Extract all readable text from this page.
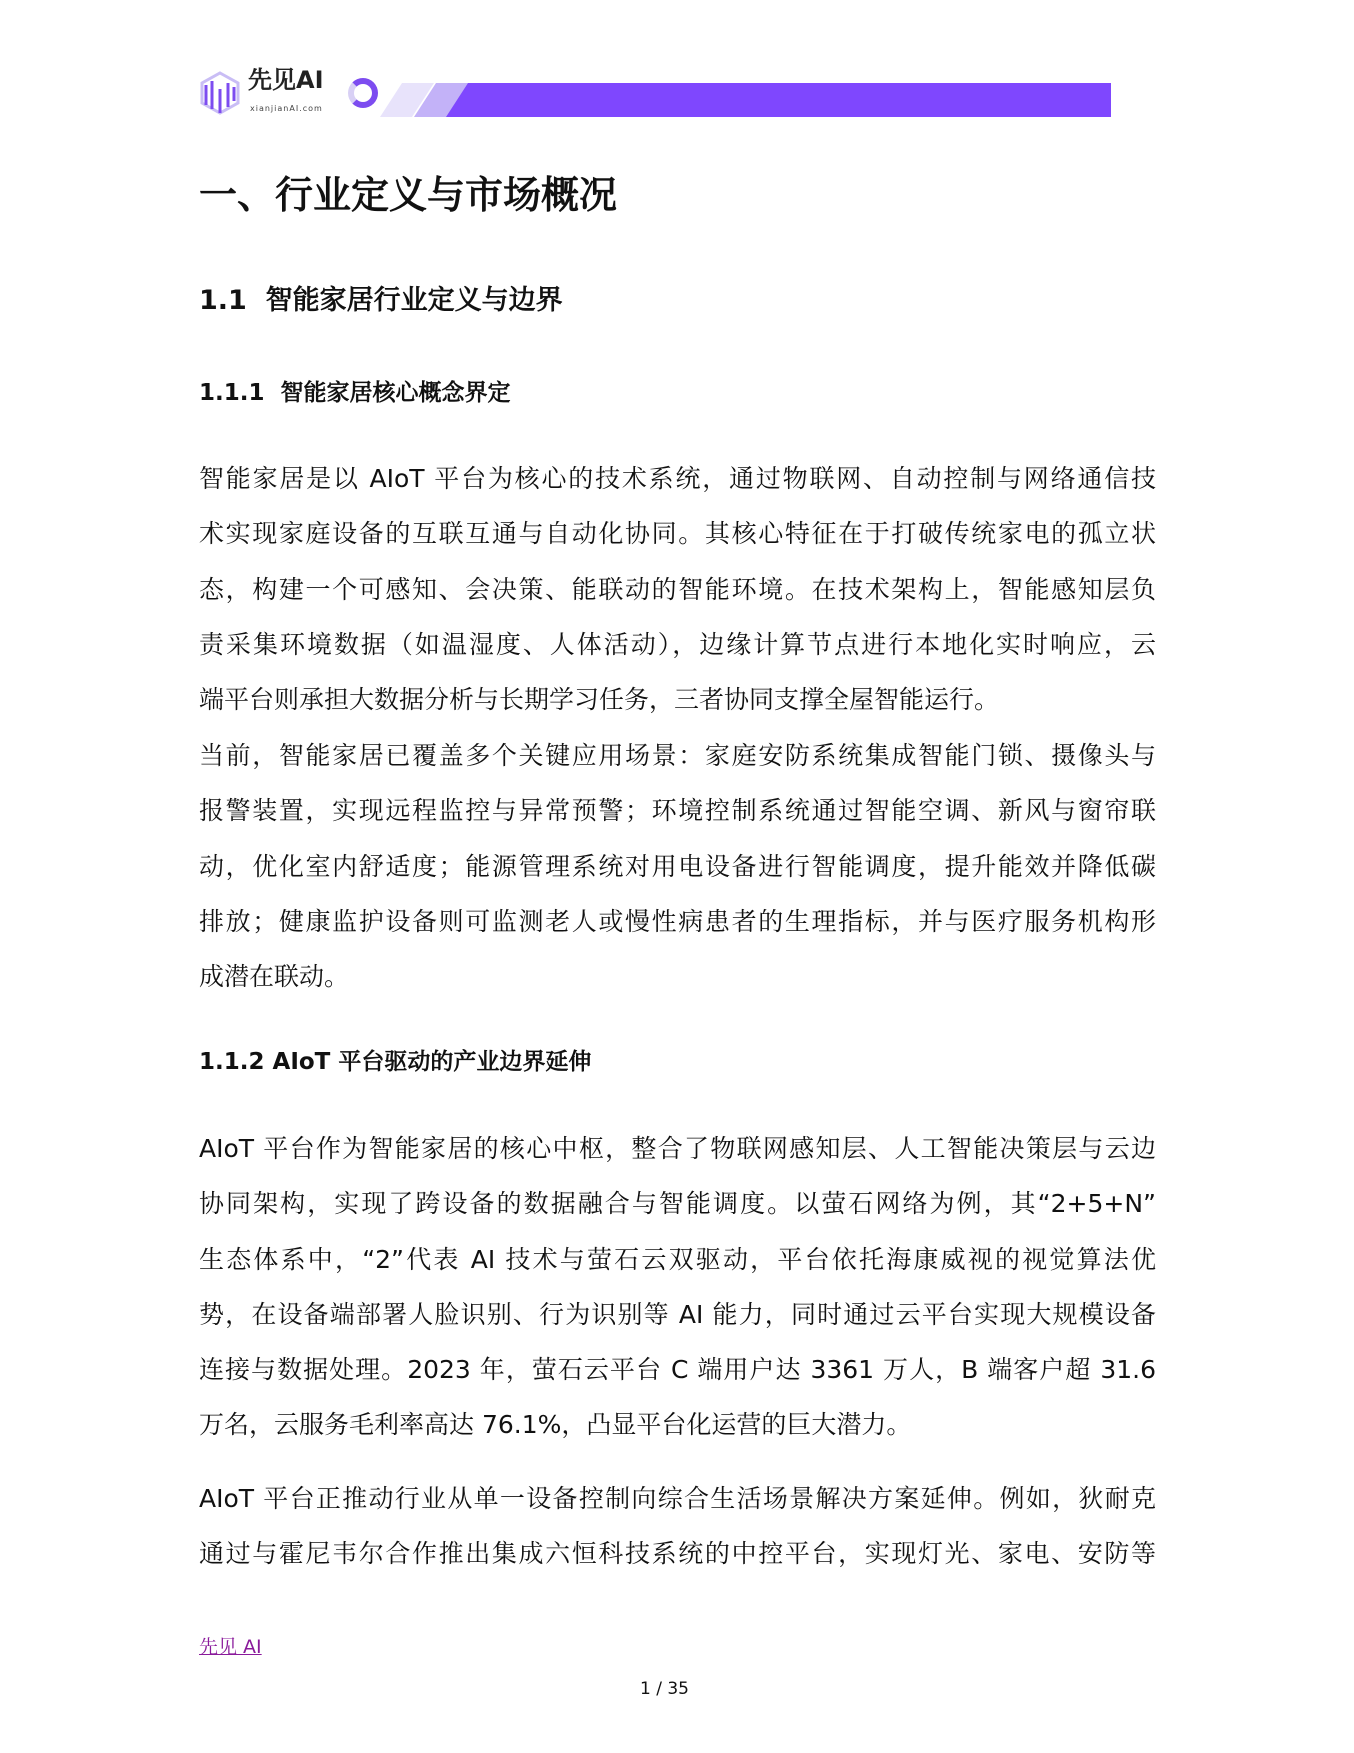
先见AI
xianjianAI.com
一、行业定义与市场概况
1.1 智能家居行业定义与边界
1.1.1 智能家居核心概念界定
智能家居是以 AIoT 平台为核心的技术系统，通过物联网、自动控制与网络通信技
术实现家庭设备的互联互通与自动化协同。其核心特征在于打破传统家电的孤立状
态，构建一个可感知、会决策、能联动的智能环境。在技术架构上，智能感知层负
责采集环境数据（如温湿度、人体活动），边缘计算节点进行本地化实时响应，云
端平台则承担大数据分析与长期学习任务，三者协同支撑全屋智能运行。
当前，智能家居已覆盖多个关键应用场景：家庭安防系统集成智能门锁、摄像头与
报警装置，实现远程监控与异常预警；环境控制系统通过智能空调、新风与窗帘联
动，优化室内舒适度；能源管理系统对用电设备进行智能调度，提升能效并降低碳
排放；健康监护设备则可监测老人或慢性病患者的生理指标，并与医疗服务机构形
成潜在联动。
1.1.2 AIoT 平台驱动的产业边界延伸
AIoT 平台作为智能家居的核心中枢，整合了物联网感知层、人工智能决策层与云边
协同架构，实现了跨设备的数据融合与智能调度。以萤石网络为例，其“2+5+N”
生态体系中，“2”代表 AI 技术与萤石云双驱动，平台依托海康威视的视觉算法优
势，在设备端部署人脸识别、行为识别等 AI 能力，同时通过云平台实现大规模设备
连接与数据处理。2023 年，萤石云平台 C 端用户达 3361 万人，B 端客户超 31.6
万名，云服务毛利率高达 76.1%，凸显平台化运营的巨大潜力。
AIoT 平台正推动行业从单一设备控制向综合生活场景解决方案延伸。例如，狄耐克
通过与霍尼韦尔合作推出集成六恒科技系统的中控平台，实现灯光、家电、安防等
先见 AI
1 / 35
